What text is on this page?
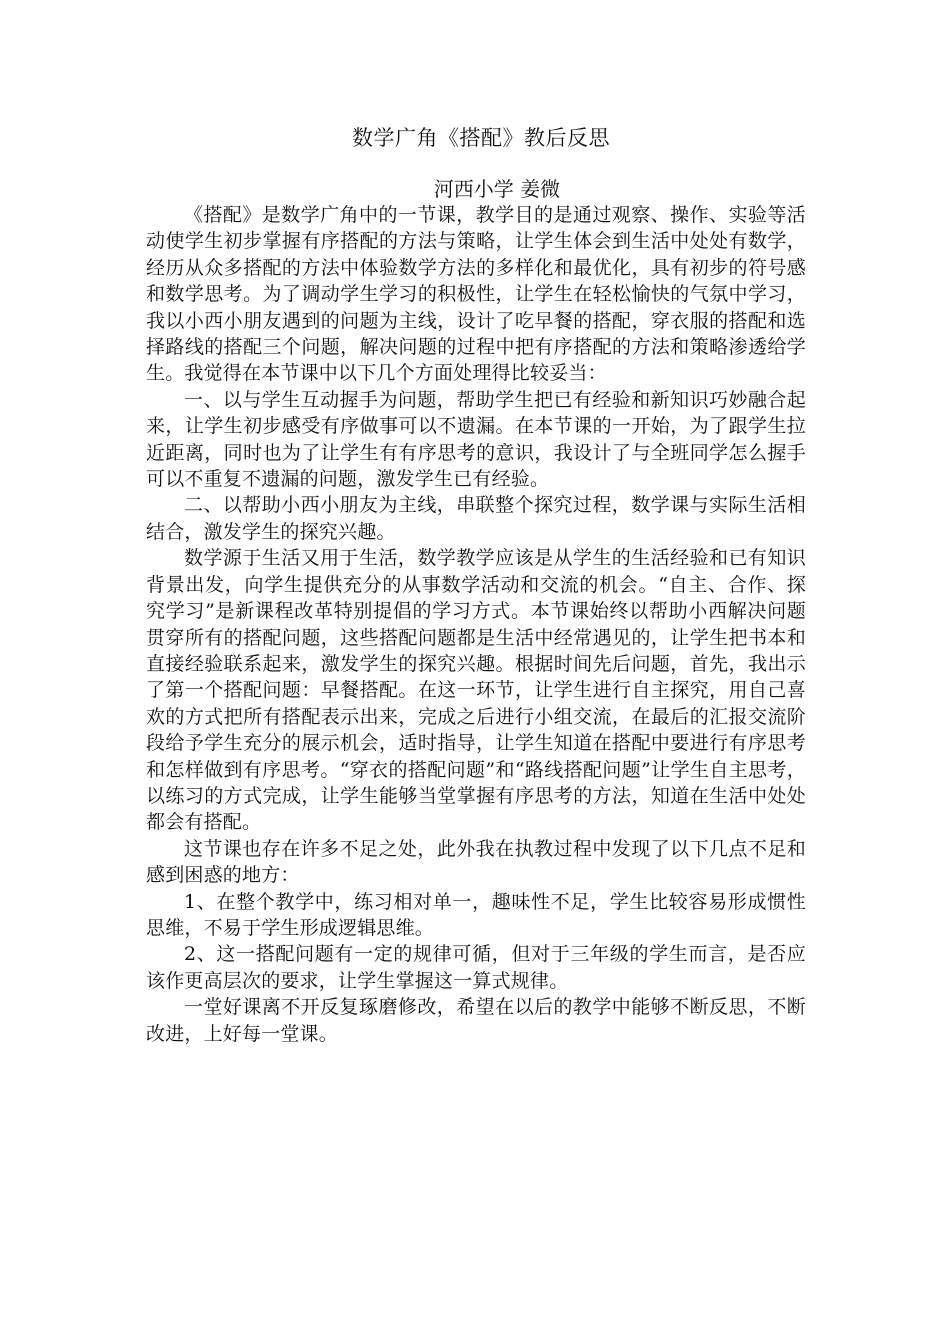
数学广角《搭配》教后反思

河西小学 姜微

《搭配》是数学广角中的一节课，教学目的是通过观察、操作、实验等活动使学生初步掌握有序搭配的方法与策略，让学生体会到生活中处处有数学，经历从众多搭配的方法中体验数学方法的多样化和最优化，具有初步的符号感和数学思考。为了调动学生学习的积极性，让学生在轻松愉快的气氛中学习，我以小西小朋友遇到的问题为主线，设计了吃早餐的搭配，穿衣服的搭配和选择路线的搭配三个问题，解决问题的过程中把有序搭配的方法和策略渗透给学生。我觉得在本节课中以下几个方面处理得比较妥当：

一、以与学生互动握手为问题，帮助学生把已有经验和新知识巧妙融合起来，让学生初步感受有序做事可以不遗漏。在本节课的一开始，为了跟学生拉近距离，同时也为了让学生有有序思考的意识，我设计了与全班同学怎么握手可以不重复不遗漏的问题，激发学生已有经验。

二、以帮助小西小朋友为主线，串联整个探究过程，数学课与实际生活相结合，激发学生的探究兴趣。

数学源于生活又用于生活，数学教学应该是从学生的生活经验和已有知识背景出发，向学生提供充分的从事数学活动和交流的机会。“自主、合作、探究学习”是新课程改革特别提倡的学习方式。本节课始终以帮助小西解决问题贯穿所有的搭配问题，这些搭配问题都是生活中经常遇见的，让学生把书本和直接经验联系起来，激发学生的探究兴趣。根据时间先后问题，首先，我出示了第一个搭配问题：早餐搭配。在这一环节，让学生进行自主探究，用自己喜欢的方式把所有搭配表示出来，完成之后进行小组交流，在最后的汇报交流阶段给予学生充分的展示机会，适时指导，让学生知道在搭配中要进行有序思考和怎样做到有序思考。“穿衣的搭配问题”和“路线搭配问题”让学生自主思考，以练习的方式完成，让学生能够当堂掌握有序思考的方法，知道在生活中处处都会有搭配。

这节课也存在许多不足之处，此外我在执教过程中发现了以下几点不足和感到困惑的地方：

1、在整个教学中，练习相对单一，趣味性不足，学生比较容易形成惯性思维，不易于学生形成逻辑思维。

2、这一搭配问题有一定的规律可循，但对于三年级的学生而言，是否应该作更高层次的要求，让学生掌握这一算式规律。

一堂好课离不开反复琢磨修改，希望在以后的教学中能够不断反思，不断改进，上好每一堂课。
